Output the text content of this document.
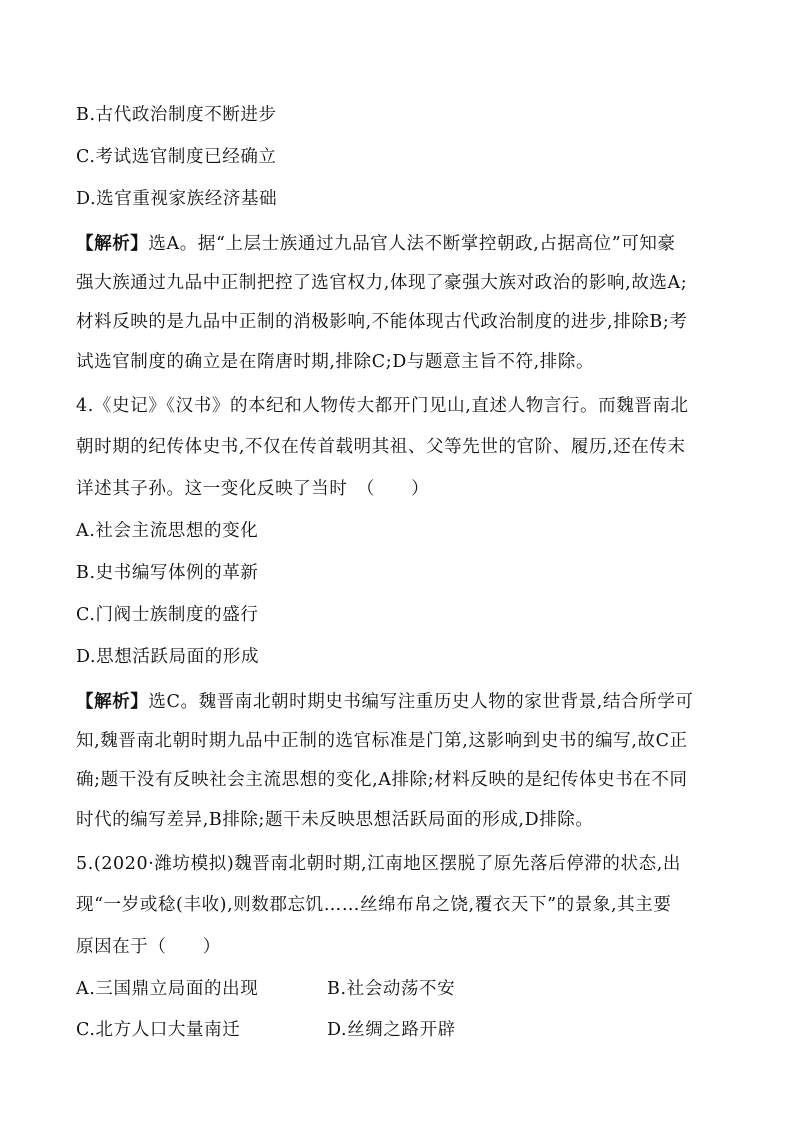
B.古代政治制度不断进步
C.考试选官制度已经确立
D.选官重视家族经济基础
【解析】选A。据“上层士族通过九品官人法不断掌控朝政,占据高位”可知豪
强大族通过九品中正制把控了选官权力,体现了豪强大族对政治的影响,故选A;
材料反映的是九品中正制的消极影响,不能体现古代政治制度的进步,排除B;考
试选官制度的确立是在隋唐时期,排除C;D与题意主旨不符,排除。
4.《史记》《汉书》的本纪和人物传大都开门见山,直述人物言行。而魏晋南北
朝时期的纪传体史书,不仅在传首载明其祖、父等先世的官阶、履历,还在传末
详述其子孙。这一变化反映了当时　（　　）
A.社会主流思想的变化
B.史书编写体例的革新
C.门阀士族制度的盛行
D.思想活跃局面的形成
【解析】选C。魏晋南北朝时期史书编写注重历史人物的家世背景,结合所学可
知,魏晋南北朝时期九品中正制的选官标准是门第,这影响到史书的编写,故C正
确;题干没有反映社会主流思想的变化,A排除;材料反映的是纪传体史书在不同
时代的编写差异,B排除;题干未反映思想活跃局面的形成,D排除。
5.(2020·潍坊模拟)魏晋南北朝时期,江南地区摆脱了原先落后停滞的状态,出
现“一岁或稔(丰收),则数郡忘饥……丝绵布帛之饶,覆衣天下”的景象,其主要
原因在于（　　）
A.三国鼎立局面的出现	B.社会动荡不安
C.北方人口大量南迁	D.丝绸之路开辟
